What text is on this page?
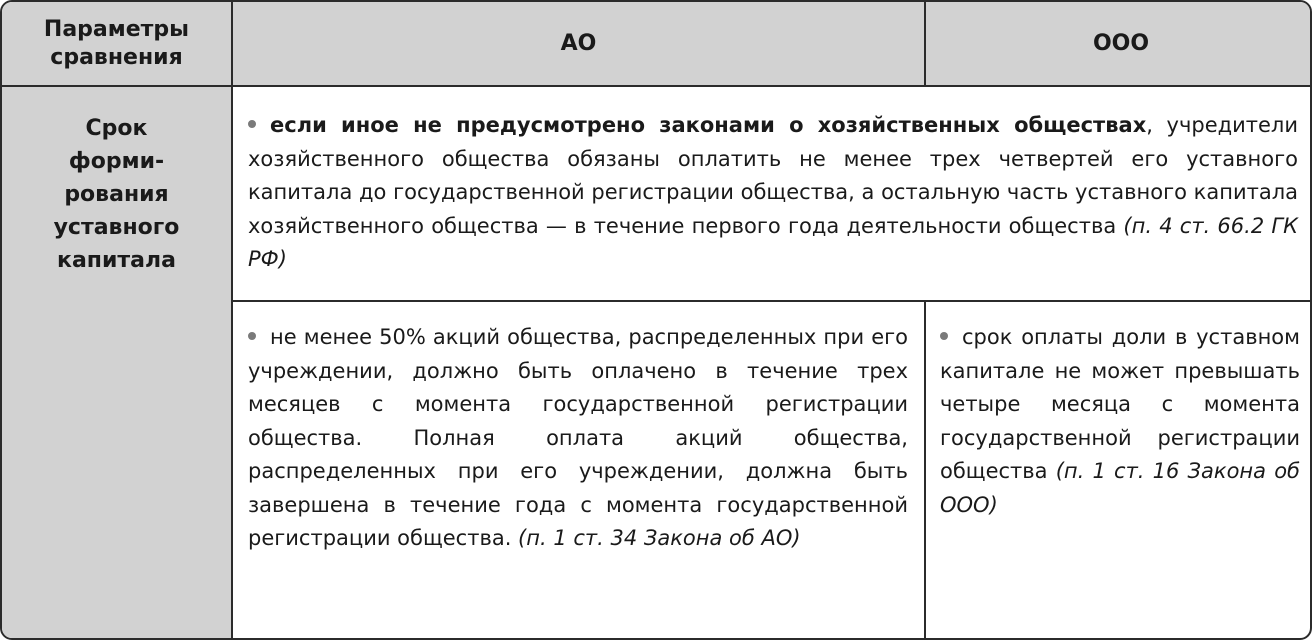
Параметры
сравнения
АО	ООО
Срок
форми-
рования
уставного
капитала
если иное не предусмотрено законами о хозяйственных обществах, учредители хозяйственного общества обязаны оплатить не менее трех четвертей его уставного капитала до государственной регистрации общества, а остальную часть уставного капитала хозяйственного общества — в течение первого года деятельности общества (п. 4 ст. 66.2 ГК РФ)
не менее 50% акций общества, распределенных при его учреждении, должно быть оплачено в течение трех месяцев с момента государственной регистрации общества. Полная оплата акций общества, распределенных при его учреждении, должна быть завершена в течение года с момента государственной регистрации общества. (п. 1 ст. 34 Закона об АО)
срок оплаты доли в уставном капитале не может превышать четыре месяца с момента государственной регистрации общества (п. 1 ст. 16 Закона об ООО)
